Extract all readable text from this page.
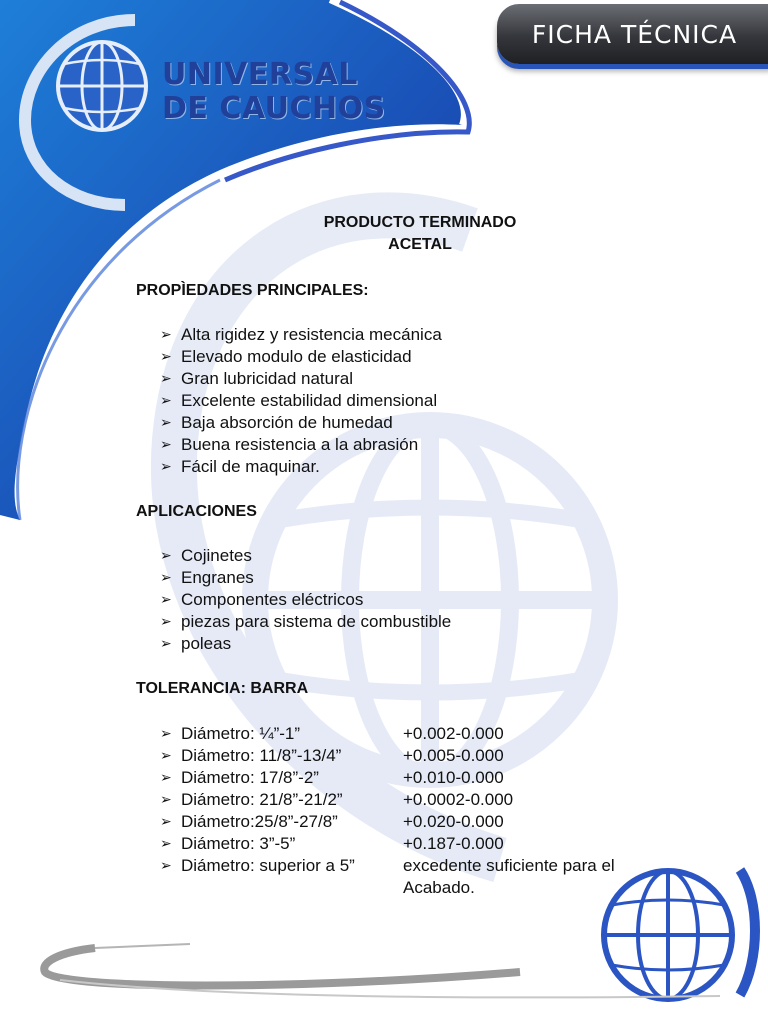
UNIVERSAL
DE CAUCHOS
FICHA TÉCNICA
PRODUCTO TERMINADO
ACETAL
PROPÌEDADES PRINCIPALES:
➢ Alta rigidez y resistencia mecánica
➢ Elevado modulo de elasticidad
➢ Gran lubricidad natural
➢ Excelente estabilidad dimensional
➢ Baja absorción de humedad
➢ Buena resistencia a la abrasión
➢ Fácil de maquinar.
APLICACIONES
➢ Cojinetes
➢ Engranes
➢ Componentes eléctricos
➢ piezas para sistema de combustible
➢ poleas
TOLERANCIA: BARRA
➢ Diámetro: ¼”-1”	+0.002-0.000
➢ Diámetro: 11/8”-13/4”	+0.005-0.000
➢ Diámetro: 17/8”-2”	+0.010-0.000
➢ Diámetro: 21/8”-21/2”	+0.0002-0.000
➢ Diámetro:25/8”-27/8”	+0.020-0.000
➢ Diámetro: 3”-5”	+0.187-0.000
➢ Diámetro: superior a 5”	excedente suficiente para el Acabado.
